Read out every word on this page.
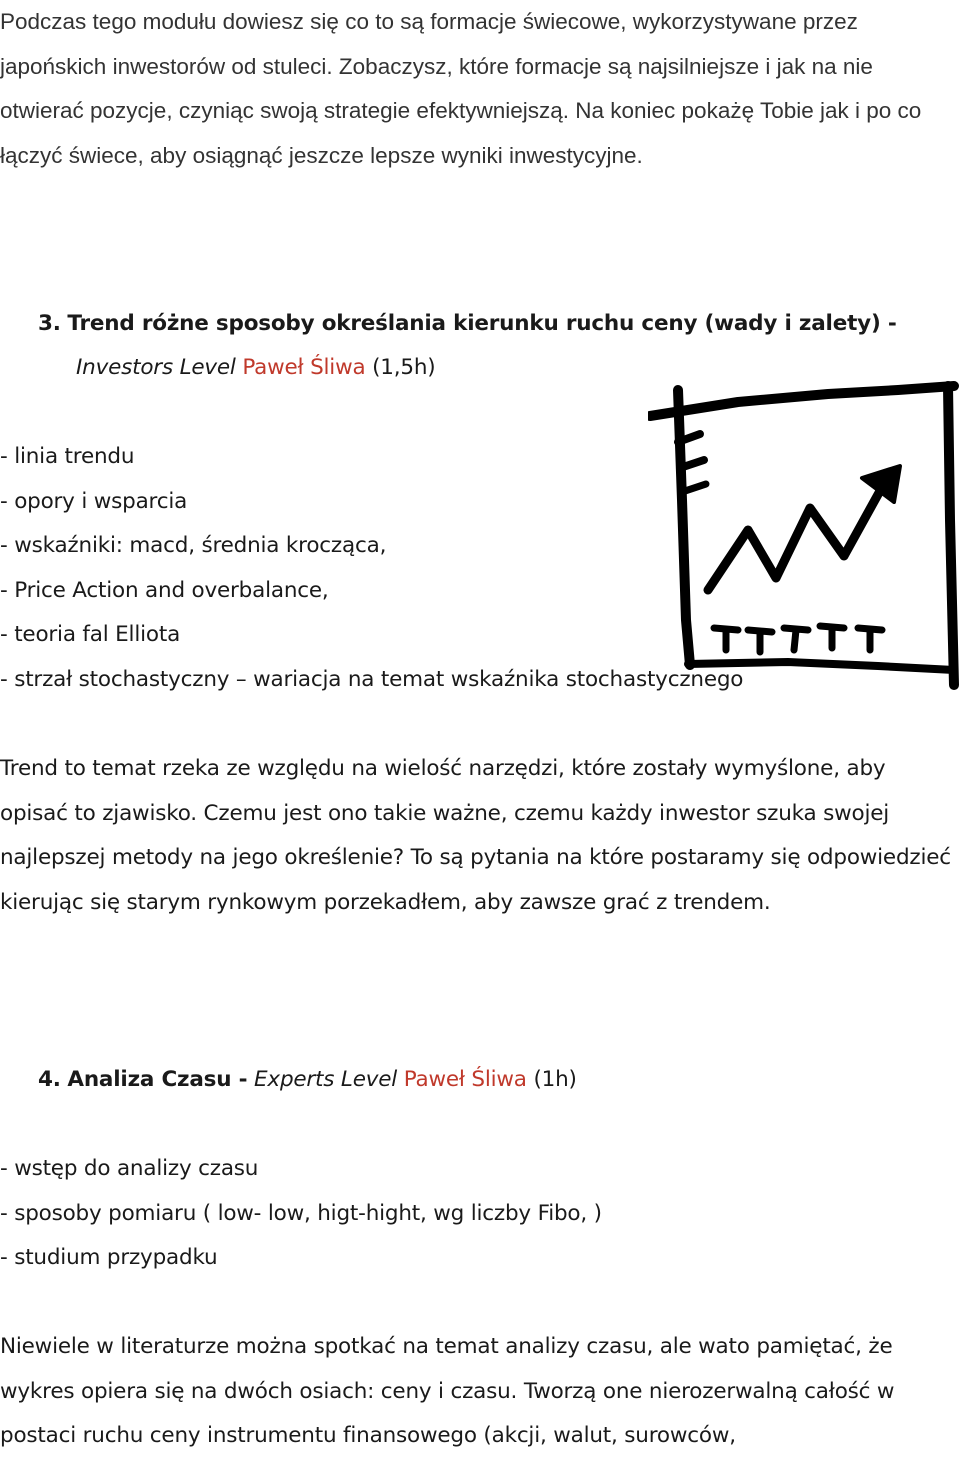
Podczas tego modułu dowiesz się co to są formacje świecowe, wykorzystywane przez japońskich inwestorów od stuleci. Zobaczysz, które formacje są najsilniejsze i jak na nie otwierać pozycje, czyniąc swoją strategie efektywniejszą. Na koniec pokażę Tobie jak i po co łączyć świece, aby osiągnąć jeszcze lepsze wyniki inwestycyjne.

3. Trend różne sposoby określania kierunku ruchu ceny (wady i zalety) -
Investors Level Paweł Śliwa (1,5h)
- linia trendu
- opory i wsparcia
- wskaźniki: macd, średnia krocząca,
- Price Action and overbalance,
- teoria fal Elliota
- strzał stochastyczny – wariacja na temat wskaźnika stochastycznego

Trend to temat rzeka ze względu na wielość narzędzi, które zostały wymyślone, aby opisać to zjawisko. Czemu jest ono takie ważne, czemu każdy inwestor szuka swojej najlepszej metody na jego określenie? To są pytania na które postaramy się odpowiedzieć kierując się starym rynkowym porzekadłem, aby zawsze grać z trendem.

4. Analiza Czasu - Experts Level Paweł Śliwa (1h)
- wstęp do analizy czasu
- sposoby pomiaru ( low- low, higt-hight, wg liczby Fibo, )
- studium przypadku

Niewiele w literaturze można spotkać na temat analizy czasu, ale wato pamiętać, że wykres opiera się na dwóch osiach: ceny i czasu. Tworzą one nierozerwalną całość w postaci ruchu ceny instrumentu finansowego (akcji, walut, surowców,
